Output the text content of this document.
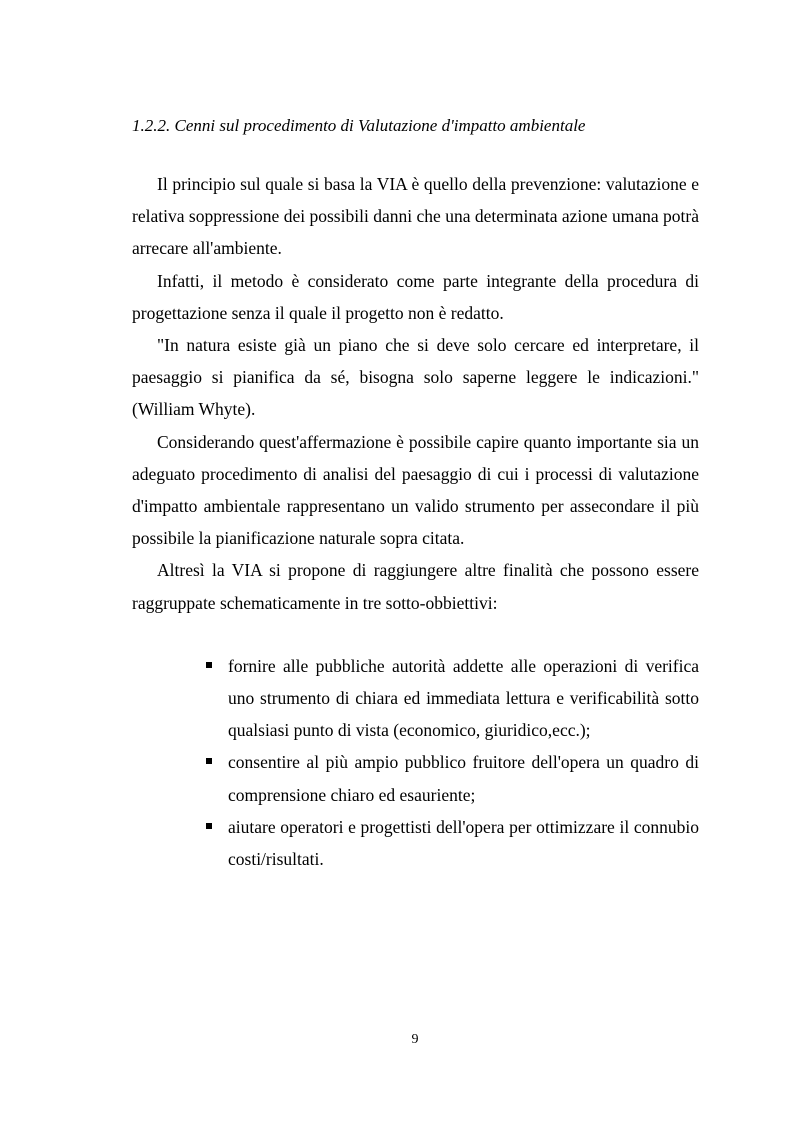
1.2.2. Cenni sul procedimento di Valutazione d'impatto ambientale

Il principio sul quale si basa la VIA è quello della prevenzione: valutazione e relativa soppressione dei possibili danni che una determinata azione umana potrà arrecare all'ambiente.

Infatti, il metodo è considerato come parte integrante della procedura di progettazione senza il quale il progetto non è redatto.

"In natura esiste già un piano che si deve solo cercare ed interpretare, il paesaggio si pianifica da sé, bisogna solo saperne leggere le indicazioni." (William Whyte).

Considerando quest'affermazione è possibile capire quanto importante sia un adeguato procedimento di analisi del paesaggio di cui i processi di valutazione d'impatto ambientale rappresentano un valido strumento per assecondare il più possibile la pianificazione naturale sopra citata.

Altresì la VIA si propone di raggiungere altre finalità che possono essere raggruppate schematicamente in tre sotto-obbiettivi:

fornire alle pubbliche autorità addette alle operazioni di verifica uno strumento di chiara ed immediata lettura e verificabilità sotto qualsiasi punto di vista (economico, giuridico,ecc.);
consentire al più ampio pubblico fruitore dell'opera un quadro di comprensione chiaro ed esauriente;
aiutare operatori e progettisti dell'opera per ottimizzare il connubio costi/risultati.
9
